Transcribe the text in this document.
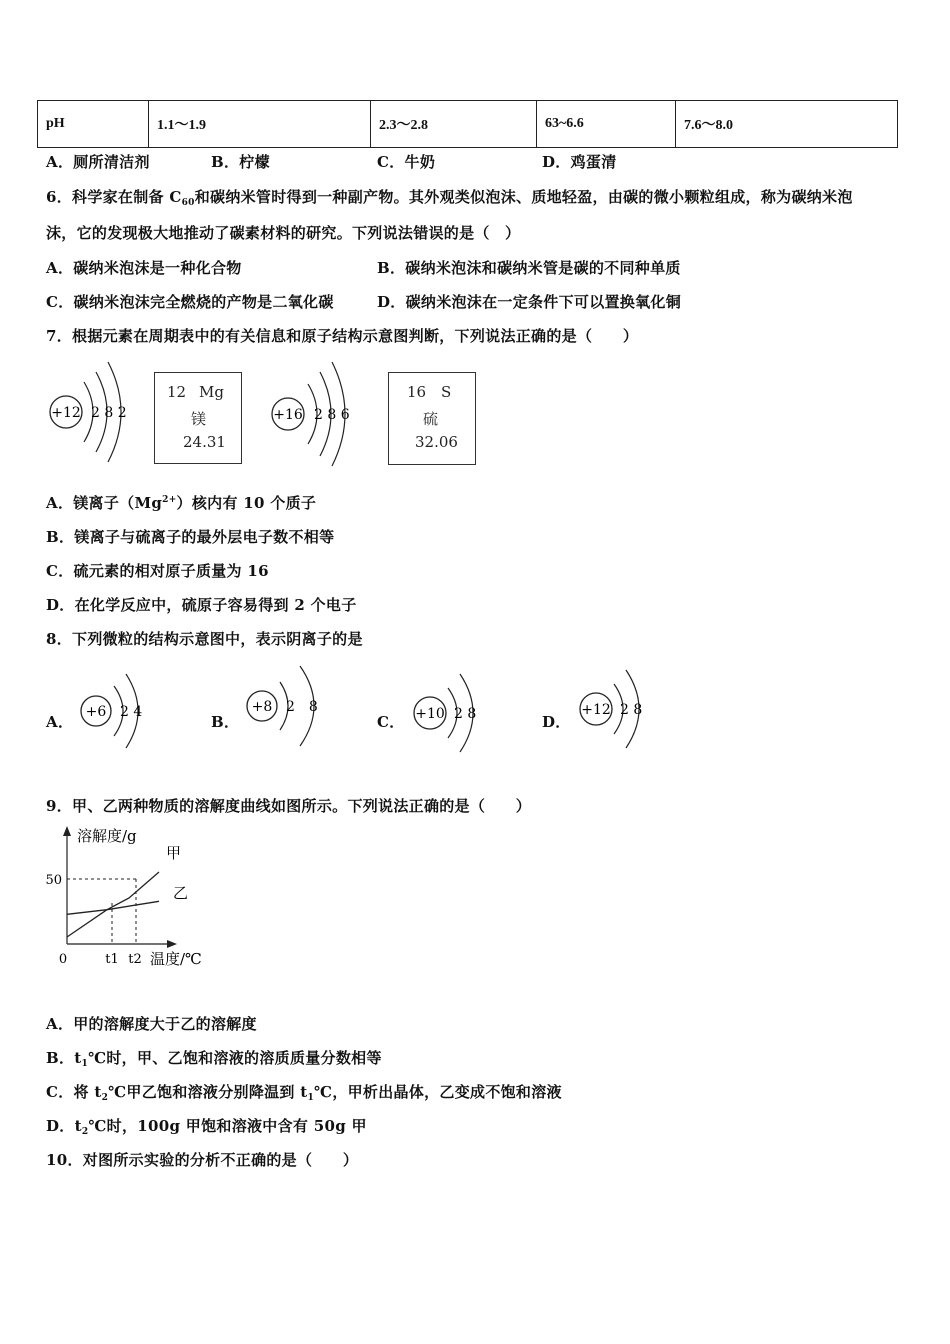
pH	1.1～1.9	2.3～2.8	63~6.6	7.6～8.0
A．厕所清洁剂	B．柠檬	C．牛奶	D．鸡蛋清
6．科学家在制备 $C_{60}$和碳纳米管时得到一种副产物。其外观类似泡沫、质地轻盈，由碳的微小颗粒组成，称为碳纳米泡
沫，它的发现极大地推动了碳素材料的研究。下列说法错误的是（　）
A．碳纳米泡沫是一种化合物	B．碳纳米泡沫和碳纳米管是碳的不同种单质
C．碳纳米泡沫完全燃烧的产物是二氧化碳	D．碳纳米泡沫在一定条件下可以置换氧化铜
7．根据元素在周期表中的有关信息和原子结构示意图判断，下列说法正确的是（　　）
+12 2 8 2
12 Mg
镁
24.31
+16 2 8 6
16 S
硫
32.06
A．镁离子$(Mg^{2+})$核内有 10 个质子
B．镁离子与硫离子的最外层电子数不相等
C．硫元素的相对原子质量为 16
D．在化学反应中，硫原子容易得到 2 个电子
8．下列微粒的结构示意图中，表示阴离子的是
A．
+6 2 4
B．
+8 2　8
C． +10 2 8	D．
+12 2 8
9．甲、乙两种物质的溶解度曲线如图所示。下列说法正确的是（　　）
溶解度/g
温度/℃
0
50
t1 t2
甲
乙
A．甲的溶解度大于乙的溶解度
B．$t_1℃$时，甲、乙饱和溶液的溶质质量分数相等
C．将 $t_2℃$甲乙饱和溶液分别降温到 $t_1℃$，甲析出晶体，乙变成不饱和溶液
D．$t_2℃$时，100g 甲饱和溶液中含有 50g 甲
10．对图所示实验的分析不正确的是（　　）
